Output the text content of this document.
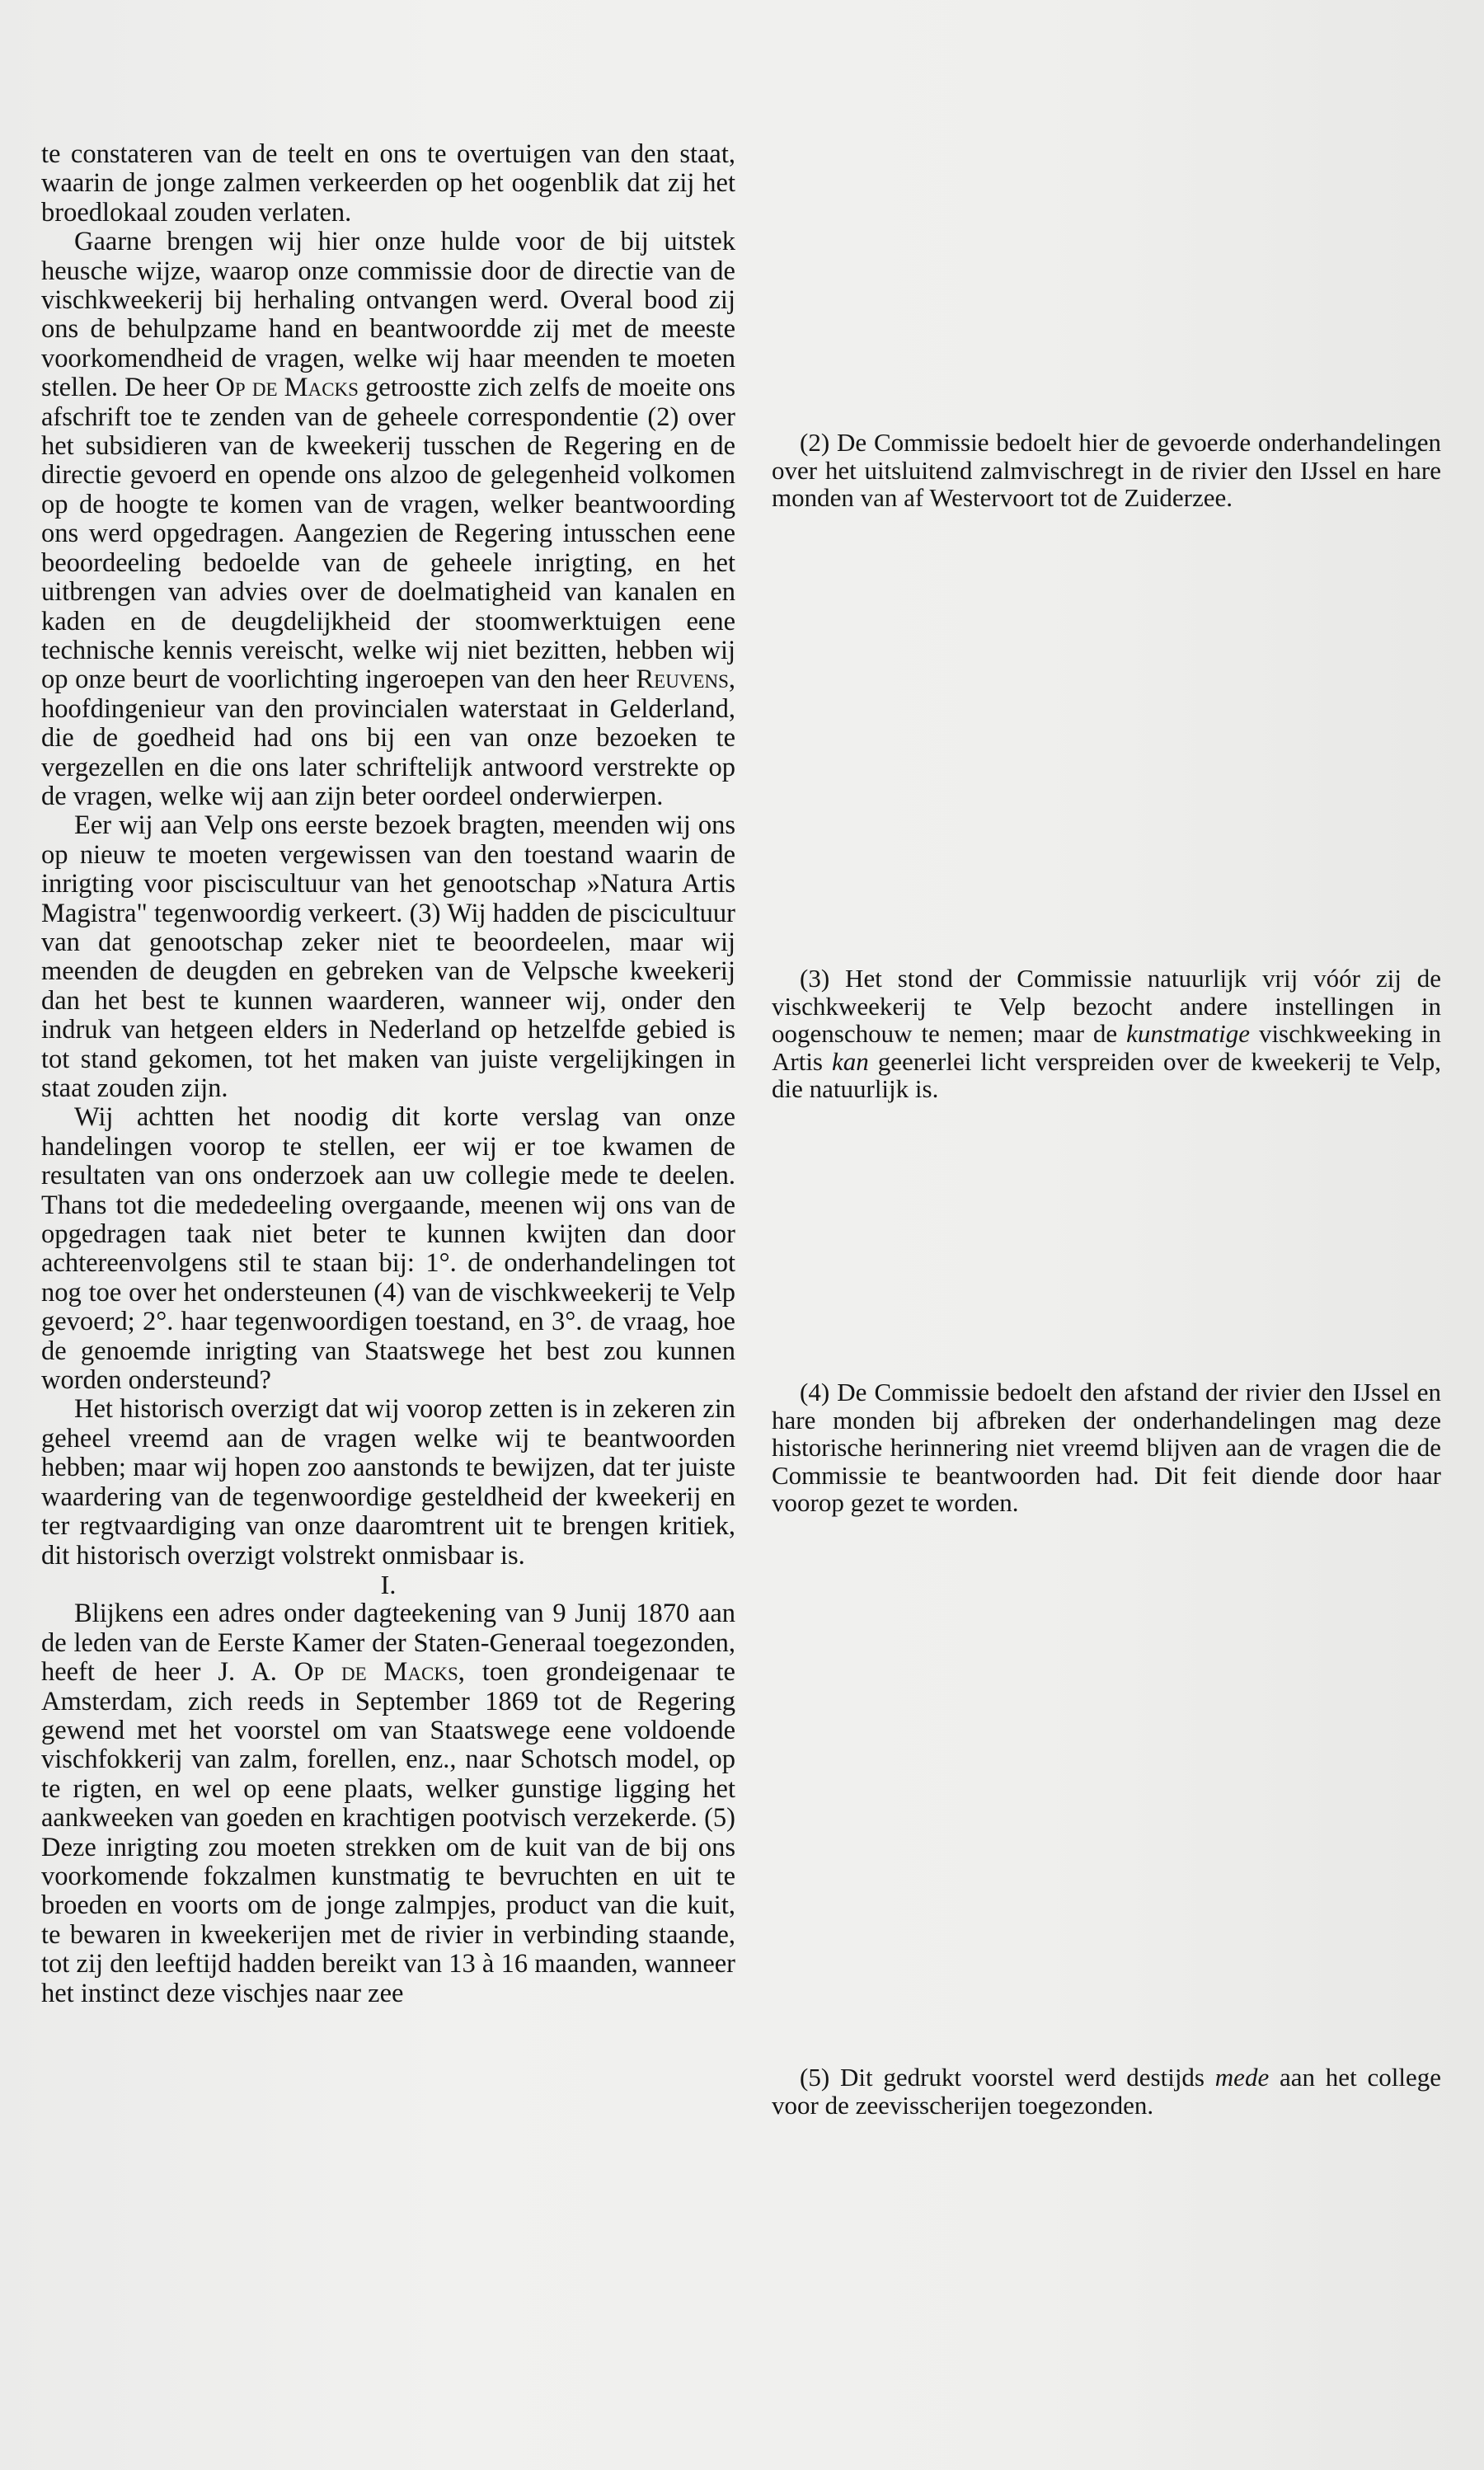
te constateren van de teelt en ons te overtuigen van den staat, waarin de jonge zalmen verkeerden op het oogenblik dat zij het broedlokaal zouden verlaten.

Gaarne brengen wij hier onze hulde voor de bij uitstek heusche wijze, waarop onze commissie door de directie van de vischkweekerij bij herhaling ontvangen werd. Overal bood zij ons de behulpzame hand en beantwoordde zij met de meeste voorkomendheid de vragen, welke wij haar meenden te moeten stellen. De heer Op de Macks getroostte zich zelfs de moeite ons afschrift toe te zenden van de geheele correspondentie (2) over het subsidieren van de kweekerij tusschen de Regering en de directie gevoerd en opende ons alzoo de gelegenheid volkomen op de hoogte te komen van de vragen, welker beantwoording ons werd opgedragen. Aangezien de Regering intusschen eene beoordeeling bedoelde van de geheele inrigting, en het uitbrengen van advies over de doelmatigheid van kanalen en kaden en de deugdelijkheid der stoomwerktuigen eene technische kennis vereischt, welke wij niet bezitten, hebben wij op onze beurt de voorlichting ingeroepen van den heer Reuvens, hoofdingenieur van den provincialen waterstaat in Gelderland, die de goedheid had ons bij een van onze bezoeken te vergezellen en die ons later schriftelijk antwoord verstrekte op de vragen, welke wij aan zijn beter oordeel onderwierpen.

Eer wij aan Velp ons eerste bezoek bragten, meenden wij ons op nieuw te moeten vergewissen van den toestand waarin de inrigting voor pisciscultuur van het genootschap »Natura Artis Magistra" tegenwoordig verkeert. (3) Wij hadden de piscicultuur van dat genootschap zeker niet te beoordeelen, maar wij meenden de deugden en gebreken van de Velpsche kweekerij dan het best te kunnen waarderen, wanneer wij, onder den indruk van hetgeen elders in Nederland op hetzelfde gebied is tot stand gekomen, tot het maken van juiste vergelijkingen in staat zouden zijn.

Wij achtten het noodig dit korte verslag van onze handelingen voorop te stellen, eer wij er toe kwamen de resultaten van ons onderzoek aan uw collegie mede te deelen. Thans tot die mededeeling overgaande, meenen wij ons van de opgedragen taak niet beter te kunnen kwijten dan door achtereenvolgens stil te staan bij: 1°. de onderhandelingen tot nog toe over het ondersteunen (4) van de vischkweekerij te Velp gevoerd; 2°. haar tegenwoordigen toestand, en 3°. de vraag, hoe de genoemde inrigting van Staatswege het best zou kunnen worden ondersteund?

Het historisch overzigt dat wij voorop zetten is in zekeren zin geheel vreemd aan de vragen welke wij te beantwoorden hebben; maar wij hopen zoo aanstonds te bewijzen, dat ter juiste waardering van de tegenwoordige gesteldheid der kweekerij en ter regtvaardiging van onze daaromtrent uit te brengen kritiek, dit historisch overzigt volstrekt onmisbaar is.

I.

Blijkens een adres onder dagteekening van 9 Junij 1870 aan de leden van de Eerste Kamer der Staten-Generaal toegezonden, heeft de heer J. A. Op de Macks, toen grondeigenaar te Amsterdam, zich reeds in September 1869 tot de Regering gewend met het voorstel om van Staatswege eene voldoende vischfokkerij van zalm, forellen, enz., naar Schotsch model, op te rigten, en wel op eene plaats, welker gunstige ligging het aankweeken van goeden en krachtigen pootvisch verzekerde. (5) Deze inrigting zou moeten strekken om de kuit van de bij ons voorkomende fokzalmen kunstmatig te bevruchten en uit te broeden en voorts om de jonge zalmpjes, product van die kuit, te bewaren in kweekerijen met de rivier in verbinding staande, tot zij den leeftijd hadden bereikt van 13 à 16 maanden, wanneer het instinct deze vischjes naar zee

(2) De Commissie bedoelt hier de gevoerde onderhandelingen over het uitsluitend zalmvischregt in de rivier den IJssel en hare monden van af Westervoort tot de Zuiderzee.

(3) Het stond der Commissie natuurlijk vrij vóór zij de vischkweekerij te Velp bezocht andere instellingen in oogenschouw te nemen; maar de kunstmatige vischkweeking in Artis kan geenerlei licht verspreiden over de kweekerij te Velp, die natuurlijk is.

(4) De Commissie bedoelt den afstand der rivier den IJssel en hare monden bij afbreken der onderhandelingen mag deze historische herinnering niet vreemd blijven aan de vragen die de Commissie te beantwoorden had. Dit feit diende door haar voorop gezet te worden.

(5) Dit gedrukt voorstel werd destijds mede aan het college voor de zeevisscherijen toegezonden.
